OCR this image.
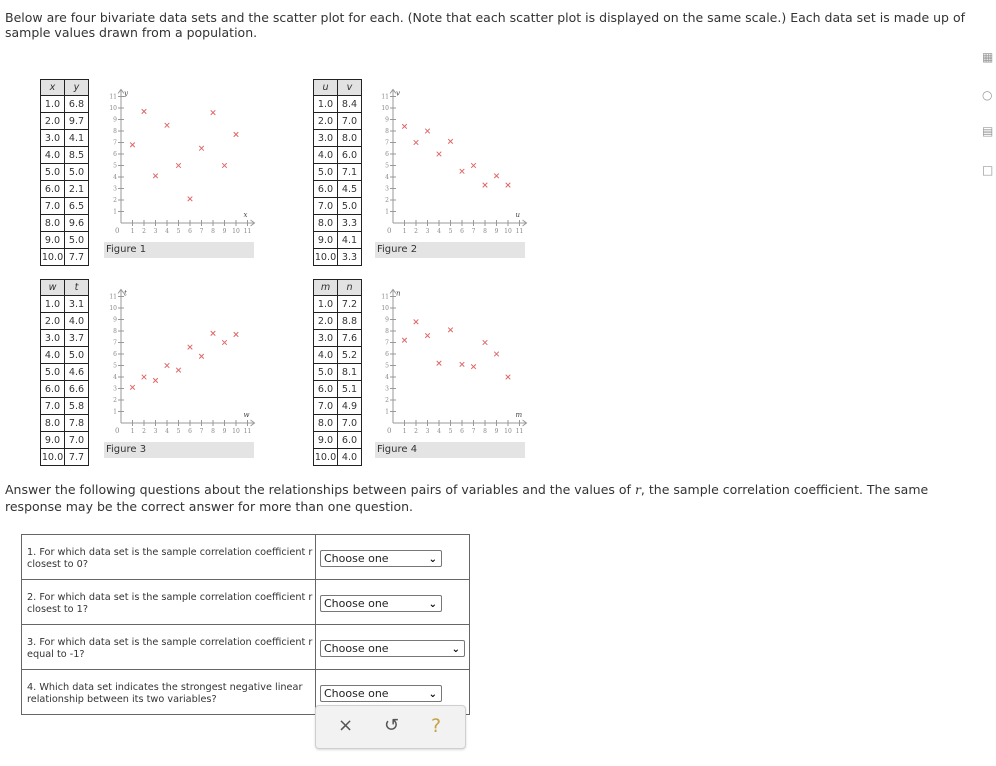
Below are four bivariate data sets and the scatter plot for each. (Note that each scatter plot is displayed on the same scale.) Each data set is made up of sample values drawn from a population.
x	y
1.0	6.8
2.0	9.7
3.0	4.1
4.0	8.5
5.0	5.0
6.0	2.1
7.0	6.5
8.0	9.6
9.0	5.0
10.0	7.7
u	v
1.0	8.4
2.0	7.0
3.0	8.0
4.0	6.0
5.0	7.1
6.0	4.5
7.0	5.0
8.0	3.3
9.0	4.1
10.0	3.3
w	t
1.0	3.1
2.0	4.0
3.0	3.7
4.0	5.0
5.0	4.6
6.0	6.6
7.0	5.8
8.0	7.8
9.0	7.0
10.0	7.7
m	n
1.0	7.2
2.0	8.8
3.0	7.6
4.0	5.2
5.0	8.1
6.0	5.1
7.0	4.9
8.0	7.0
9.0	6.0
10.0	4.0
1 2 3 4 5 6 7 8 9 10 11
1
2
3
4
5
6
7
8
9
10
11
0
x
y
1 2 3 4 5 6 7 8 9 10 11
1
2
3
4
5
6
7
8
9
10
11
0
u
v
1 2 3 4 5 6 7 8 9 10 11
1
2
3
4
5
6
7
8
9
10
11
0
w
t
1 2 3 4 5 6 7 8 9 10 11
1
2
3
4
5
6
7
8
9
10
11
0
m
n
Figure 1	Figure 2
Figure 3	Figure 4
Answer the following questions about the relationships between pairs of variables and the values of r, the sample correlation coefficient. The same response may be the correct answer for more than one question.
1. For which data set is the sample correlation coefficient r closest to 0?	Choose one ⌄

2. For which data set is the sample correlation coefficient r closest to 1?	Choose one ⌄

3. For which data set is the sample correlation coefficient r equal to -1?	Choose one ⌄

4. Which data set indicates the strongest negative linear relationship between its two variables?	Choose one ⌄
× ↺ ?
▦
○
▤
□
